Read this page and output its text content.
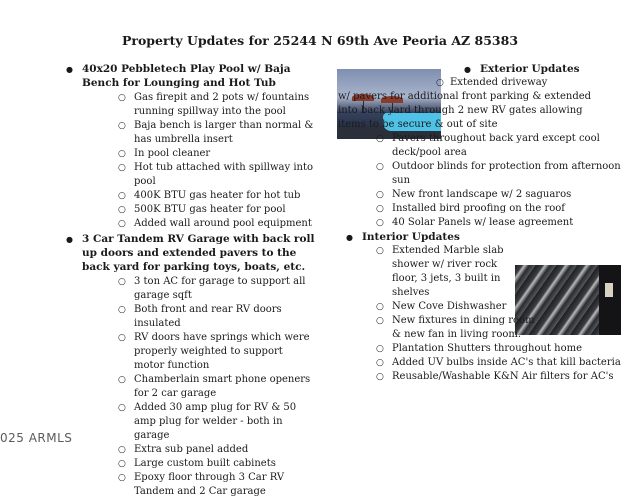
Property Updates for 25244 N 69th Ave Peoria AZ 85383
● 40x20 Pebbletech Play Pool w/ Baja Bench for Lounging and Hot Tub
○ Gas firepit and 2 pots w/ fountains running spillway into the pool
○ Baja bench is larger than normal & has umbrella insert
○ In pool cleaner
○ Hot tub attached with spillway into pool
○ 400K BTU gas heater for hot tub
○ 500K BTU gas heater for pool
○ Added wall around pool equipment
● 3 Car Tandem RV Garage with back roll up doors and extended pavers to the back yard for parking toys, boats, etc.
○ 3 ton AC for garage to support all garage sqft
○ Both front and rear RV doors insulated
○ RV doors have springs which were properly weighted to support motor function
○ Chamberlain smart phone openers for 2 car garage
○ Added 30 amp plug for RV & 50 amp plug for welder - both in garage
○ Extra sub panel added
○ Large custom built cabinets
○ Epoxy floor through 3 Car RV Tandem and 2 Car garage
● Exterior Updates
○ Extended driveway
w/ pavers for additional front parking & extended into back yard through 2 new RV gates allowing items to be secure & out of site
○ Pavers throughout back yard except cool deck/pool area
○ Outdoor blinds for protection from afternoon sun
○ New front landscape w/ 2 saguaros
○ Installed bird proofing on the roof
○ 40 Solar Panels w/ lease agreement
● Interior Updates
○ Extended Marble slab shower w/ river rock floor, 3 jets, 3 built in shelves
○ New Cove Dishwasher
○ New fixtures in dining room & new fan in living room.
○ Plantation Shutters throughout home
○ Added UV bulbs inside AC's that kill bacteria
○ Reusable/Washable K&N Air filters for AC's
025 ARMLS
